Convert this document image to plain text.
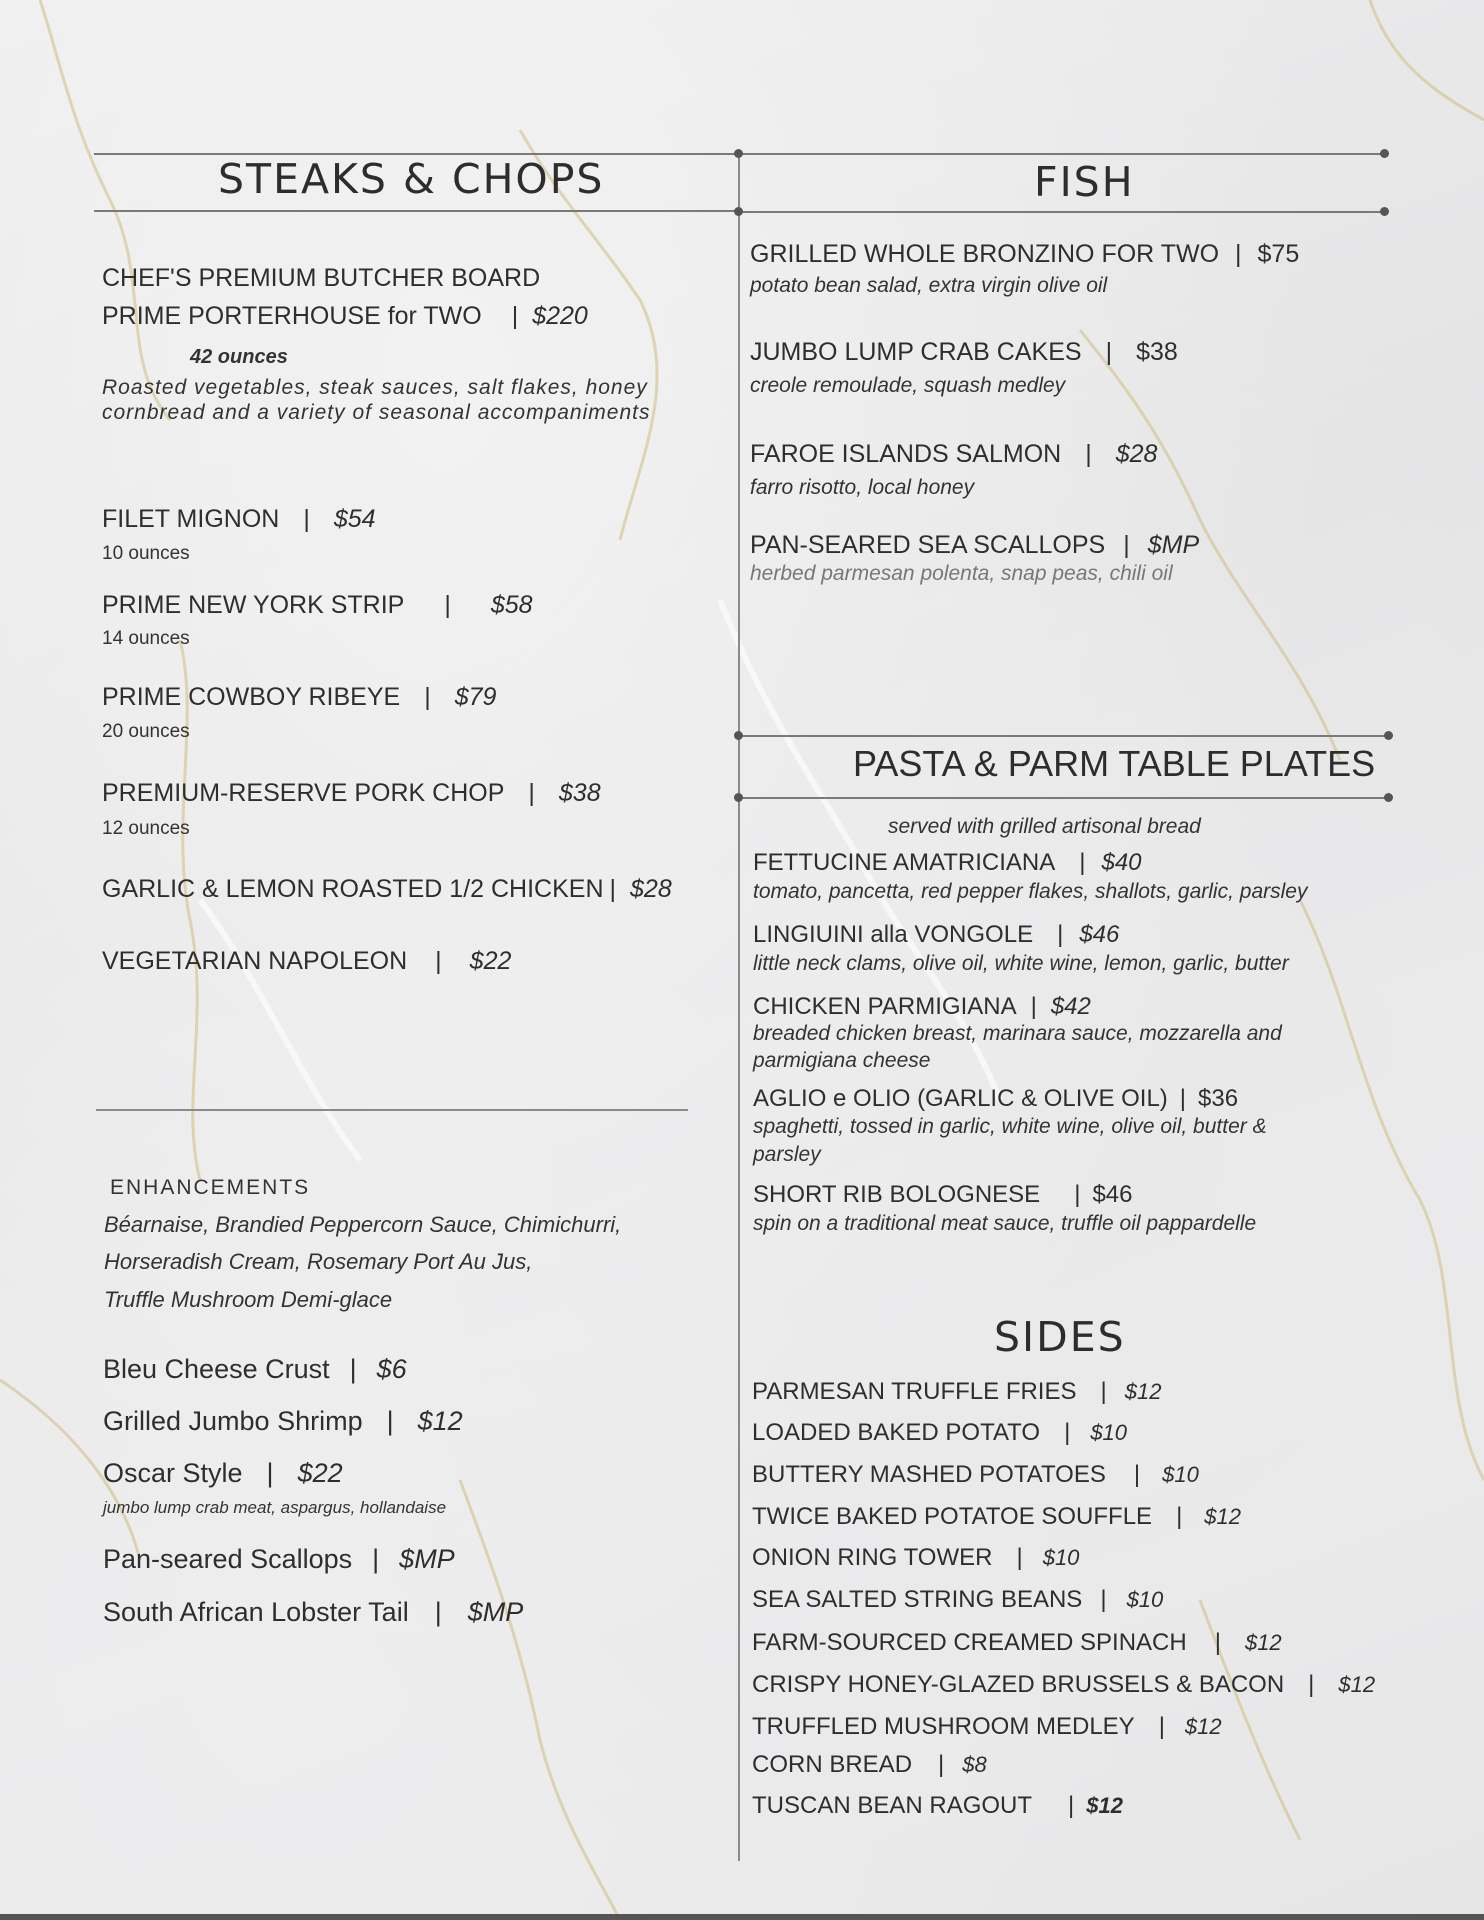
STEAKS & CHOPS
CHEF'S PREMIUM BUTCHER BOARD
PRIME PORTERHOUSE for TWO | $220
42 ounces
Roasted vegetables, steak sauces, salt flakes, honey
cornbread and a variety of seasonal accompaniments
FILET MIGNON | $54
10 ounces
PRIME NEW YORK STRIP | $58
14 ounces
PRIME COWBOY RIBEYE | $79
20 ounces
PREMIUM-RESERVE PORK CHOP | $38
12 ounces
GARLIC & LEMON ROASTED 1/2 CHICKEN | $28
VEGETARIAN NAPOLEON | $22
ENHANCEMENTS
Béarnaise, Brandied Peppercorn Sauce, Chimichurri,
Horseradish Cream, Rosemary Port Au Jus,
Truffle Mushroom Demi-glace
Bleu Cheese Crust | $6
Grilled Jumbo Shrimp | $12
Oscar Style | $22
jumbo lump crab meat, aspargus, hollandaise
Pan-seared Scallops | $MP
South African Lobster Tail | $MP
FISH
GRILLED WHOLE BRONZINO FOR TWO | $75
potato bean salad, extra virgin olive oil
JUMBO LUMP CRAB CAKES | $38
creole remoulade, squash medley
FAROE ISLANDS SALMON | $28
farro risotto, local honey
PAN-SEARED SEA SCALLOPS | $MP
herbed parmesan polenta, snap peas, chili oil
PASTA & PARM TABLE PLATES
served with grilled artisonal bread
FETTUCINE AMATRICIANA | $40
tomato, pancetta, red pepper flakes, shallots, garlic, parsley
LINGIUINI alla VONGOLE | $46
little neck clams, olive oil, white wine, lemon, garlic, butter
CHICKEN PARMIGIANA | $42
breaded chicken breast, marinara sauce, mozzarella and
parmigiana cheese
AGLIO e OLIO (GARLIC & OLIVE OIL) | $36
spaghetti, tossed in garlic, white wine, olive oil, butter &
parsley
SHORT RIB BOLOGNESE | $46
spin on a traditional meat sauce, truffle oil pappardelle
SIDES
PARMESAN TRUFFLE FRIES | $12
LOADED BAKED POTATO | $10
BUTTERY MASHED POTATOES | $10
TWICE BAKED POTATOE SOUFFLE | $12
ONION RING TOWER | $10
SEA SALTED STRING BEANS | $10
FARM-SOURCED CREAMED SPINACH | $12
CRISPY HONEY-GLAZED BRUSSELS & BACON | $12
TRUFFLED MUSHROOM MEDLEY | $12
CORN BREAD | $8
TUSCAN BEAN RAGOUT | $12
